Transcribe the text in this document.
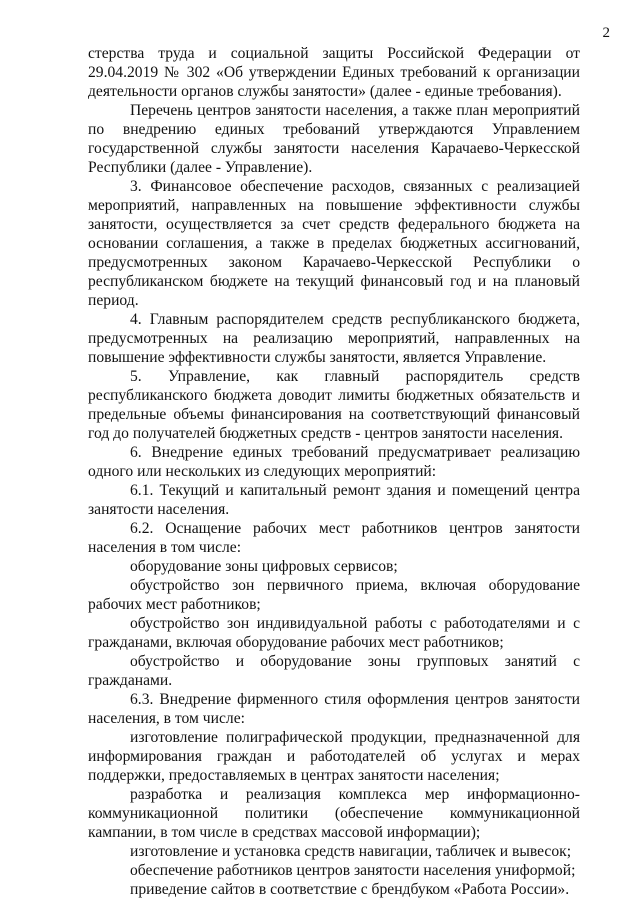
2

стерства труда и социальной защиты Российской Федерации от 29.04.2019 № 302 «Об утверждении Единых требований к организации деятельности органов службы занятости» (далее - единые требования).

Перечень центров занятости населения, а также план мероприятий по внедрению единых требований утверждаются Управлением государственной службы занятости населения Карачаево-Черкесской Республики (далее - Управление).

3. Финансовое обеспечение расходов, связанных с реализацией мероприятий, направленных на повышение эффективности службы занятости, осуществляется за счет средств федерального бюджета на основании соглашения, а также в пределах бюджетных ассигнований, предусмотренных законом Карачаево-Черкесской Республики о республиканском бюджете на текущий финансовый год и на плановый период.

4. Главным распорядителем средств республиканского бюджета, предусмотренных на реализацию мероприятий, направленных на повышение эффективности службы занятости, является Управление.

5. Управление, как главный распорядитель средств республиканского бюджета доводит лимиты бюджетных обязательств и предельные объемы финансирования на соответствующий финансовый год до получателей бюджетных средств - центров занятости населения.

6. Внедрение единых требований предусматривает реализацию одного или нескольких из следующих мероприятий:

6.1. Текущий и капитальный ремонт здания и помещений центра занятости населения.

6.2. Оснащение рабочих мест работников центров занятости населения в том числе:

оборудование зоны цифровых сервисов;

обустройство зон первичного приема, включая оборудование рабочих мест работников;

обустройство зон индивидуальной работы с работодателями и с гражданами, включая оборудование рабочих мест работников;

обустройство и оборудование зоны групповых занятий с гражданами.

6.3. Внедрение фирменного стиля оформления центров занятости населения, в том числе:

изготовление полиграфической продукции, предназначенной для информирования граждан и работодателей об услугах и мерах поддержки, предоставляемых в центрах занятости населения;

разработка и реализация комплекса мер информационно-коммуникационной политики (обеспечение коммуникационной кампании, в том числе в средствах массовой информации);

изготовление и установка средств навигации, табличек и вывесок;

обеспечение работников центров занятости населения униформой;

приведение сайтов в соответствие с брендбуком «Работа России».
